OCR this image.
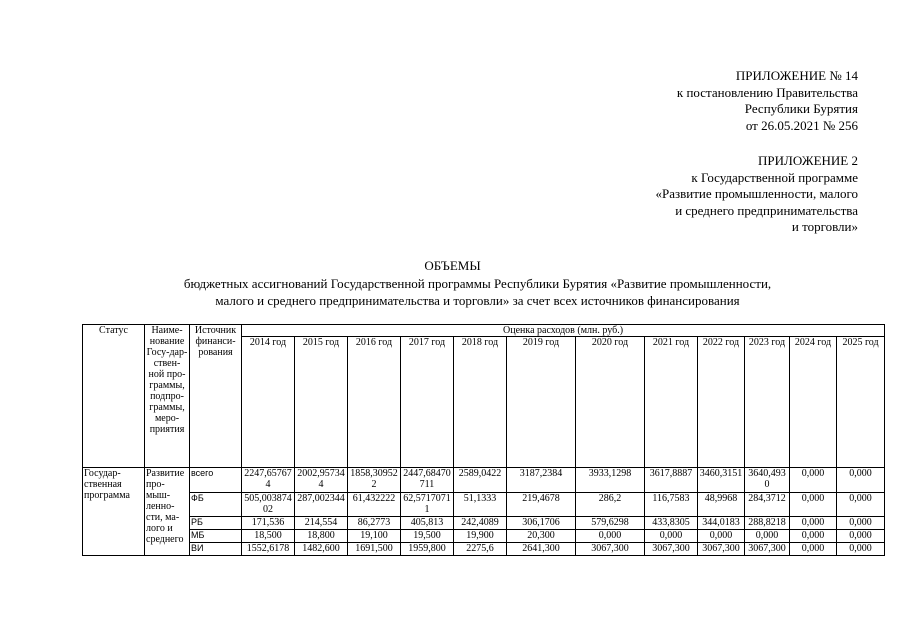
ПРИЛОЖЕНИЕ № 14
к постановлению Правительства
Республики Бурятия
от 26.05.2021 № 256
ПРИЛОЖЕНИЕ 2
к Государственной программе
«Развитие промышленности, малого
и среднего предпринимательства
и торговли»
ОБЪЕМЫ
бюджетных ассигнований Государственной программы Республики Бурятия «Развитие промышленности,
малого и среднего предпринимательства и торговли» за счет всех источников финансирования
Статус	Наиме-нование Госу-дар-ствен-ной про-граммы, подпро-граммы, меро-приятия	Источник финанси-рования	Оценка расходов (млн. руб.)											
			2014 год	2015 год	2016 год	2017 год	2018 год	2019 год	2020 год	2021 год	2022 год	2023 год	2024 год	2025 год
Государ-ственная программа	Развитие про-мыш-ленно-сти, ма-лого и среднего	всего	2247,657674	2002,957344	1858,309522	2447,68470711	2589,0422	3187,2384	3933,1298	3617,8887	3460,3151	3640,4930	0,000	0,000
		ФБ	505,00387402	287,002344	61,432222	62,57170711	51,1333	219,4678	286,2	116,7583	48,9968	284,3712	0,000	0,000
		РБ	171,536	214,554	86,2773	405,813	242,4089	306,1706	579,6298	433,8305	344,0183	288,8218	0,000	0,000
		МБ	18,500	18,800	19,100	19,500	19,900	20,300	0,000	0,000	0,000	0,000	0,000	0,000
		ВИ	1552,6178	1482,600	1691,500	1959,800	2275,6	2641,300	3067,300	3067,300	3067,300	3067,300	0,000	0,000
